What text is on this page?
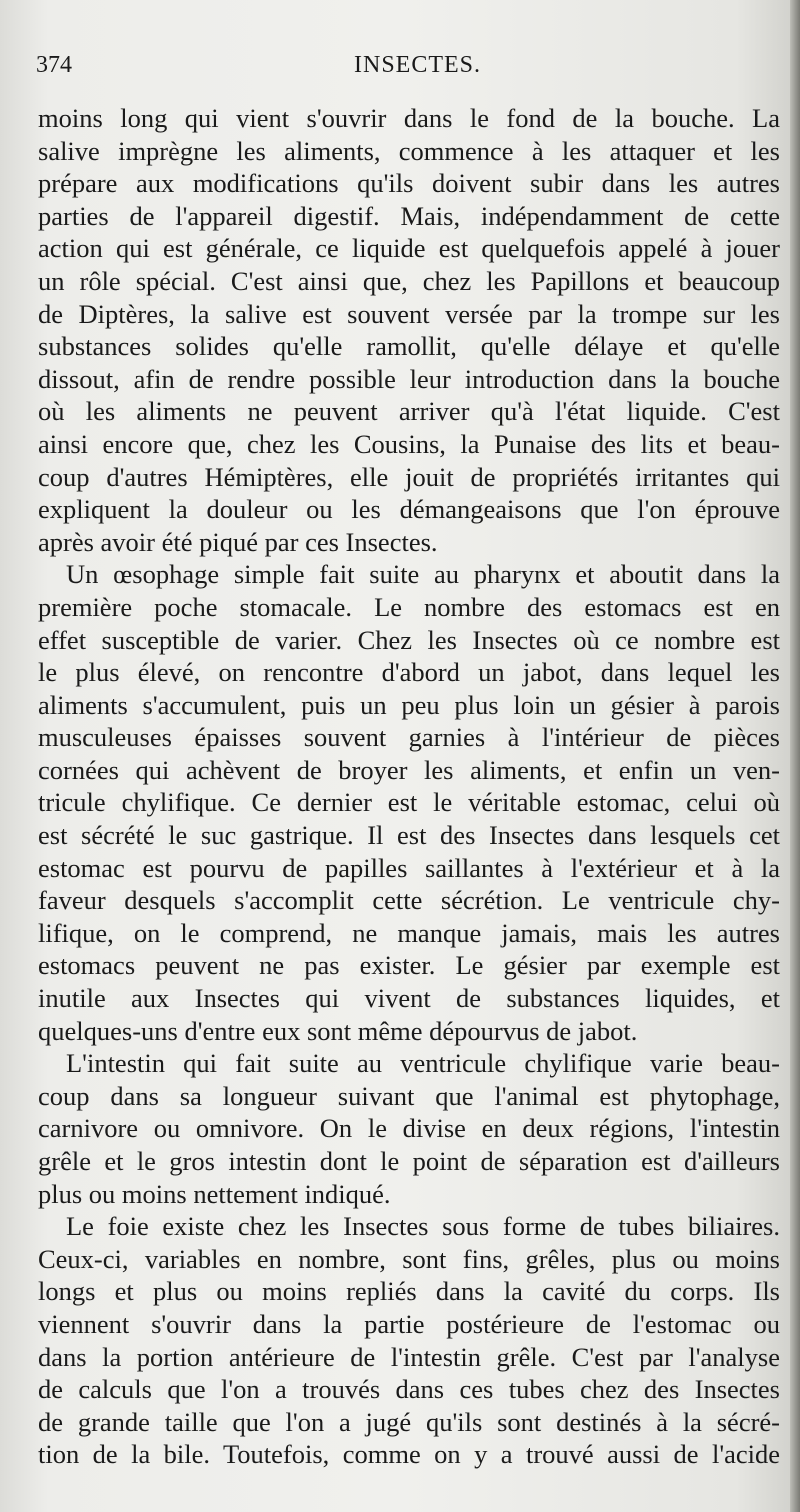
374	INSECTES.
moins long qui vient s'ouvrir dans le fond de la bouche. La
salive imprègne les aliments, commence à les attaquer et les
prépare aux modifications qu'ils doivent subir dans les autres
parties de l'appareil digestif. Mais, indépendamment de cette
action qui est générale, ce liquide est quelquefois appelé à jouer
un rôle spécial. C'est ainsi que, chez les Papillons et beaucoup
de Diptères, la salive est souvent versée par la trompe sur les
substances solides qu'elle ramollit, qu'elle délaye et qu'elle
dissout, afin de rendre possible leur introduction dans la bouche
où les aliments ne peuvent arriver qu'à l'état liquide. C'est
ainsi encore que, chez les Cousins, la Punaise des lits et beau-
coup d'autres Hémiptères, elle jouit de propriétés irritantes qui
expliquent la douleur ou les démangeaisons que l'on éprouve
après avoir été piqué par ces Insectes.
Un œsophage simple fait suite au pharynx et aboutit dans la
première poche stomacale. Le nombre des estomacs est en
effet susceptible de varier. Chez les Insectes où ce nombre est
le plus élevé, on rencontre d'abord un jabot, dans lequel les
aliments s'accumulent, puis un peu plus loin un gésier à parois
musculeuses épaisses souvent garnies à l'intérieur de pièces
cornées qui achèvent de broyer les aliments, et enfin un ven-
tricule chylifique. Ce dernier est le véritable estomac, celui où
est sécrété le suc gastrique. Il est des Insectes dans lesquels cet
estomac est pourvu de papilles saillantes à l'extérieur et à la
faveur desquels s'accomplit cette sécrétion. Le ventricule chy-
lifique, on le comprend, ne manque jamais, mais les autres
estomacs peuvent ne pas exister. Le gésier par exemple est
inutile aux Insectes qui vivent de substances liquides, et
quelques-uns d'entre eux sont même dépourvus de jabot.
L'intestin qui fait suite au ventricule chylifique varie beau-
coup dans sa longueur suivant que l'animal est phytophage,
carnivore ou omnivore. On le divise en deux régions, l'intestin
grêle et le gros intestin dont le point de séparation est d'ailleurs
plus ou moins nettement indiqué.
Le foie existe chez les Insectes sous forme de tubes biliaires.
Ceux-ci, variables en nombre, sont fins, grêles, plus ou moins
longs et plus ou moins repliés dans la cavité du corps. Ils
viennent s'ouvrir dans la partie postérieure de l'estomac ou
dans la portion antérieure de l'intestin grêle. C'est par l'analyse
de calculs que l'on a trouvés dans ces tubes chez des Insectes
de grande taille que l'on a jugé qu'ils sont destinés à la sécré-
tion de la bile. Toutefois, comme on y a trouvé aussi de l'acide
